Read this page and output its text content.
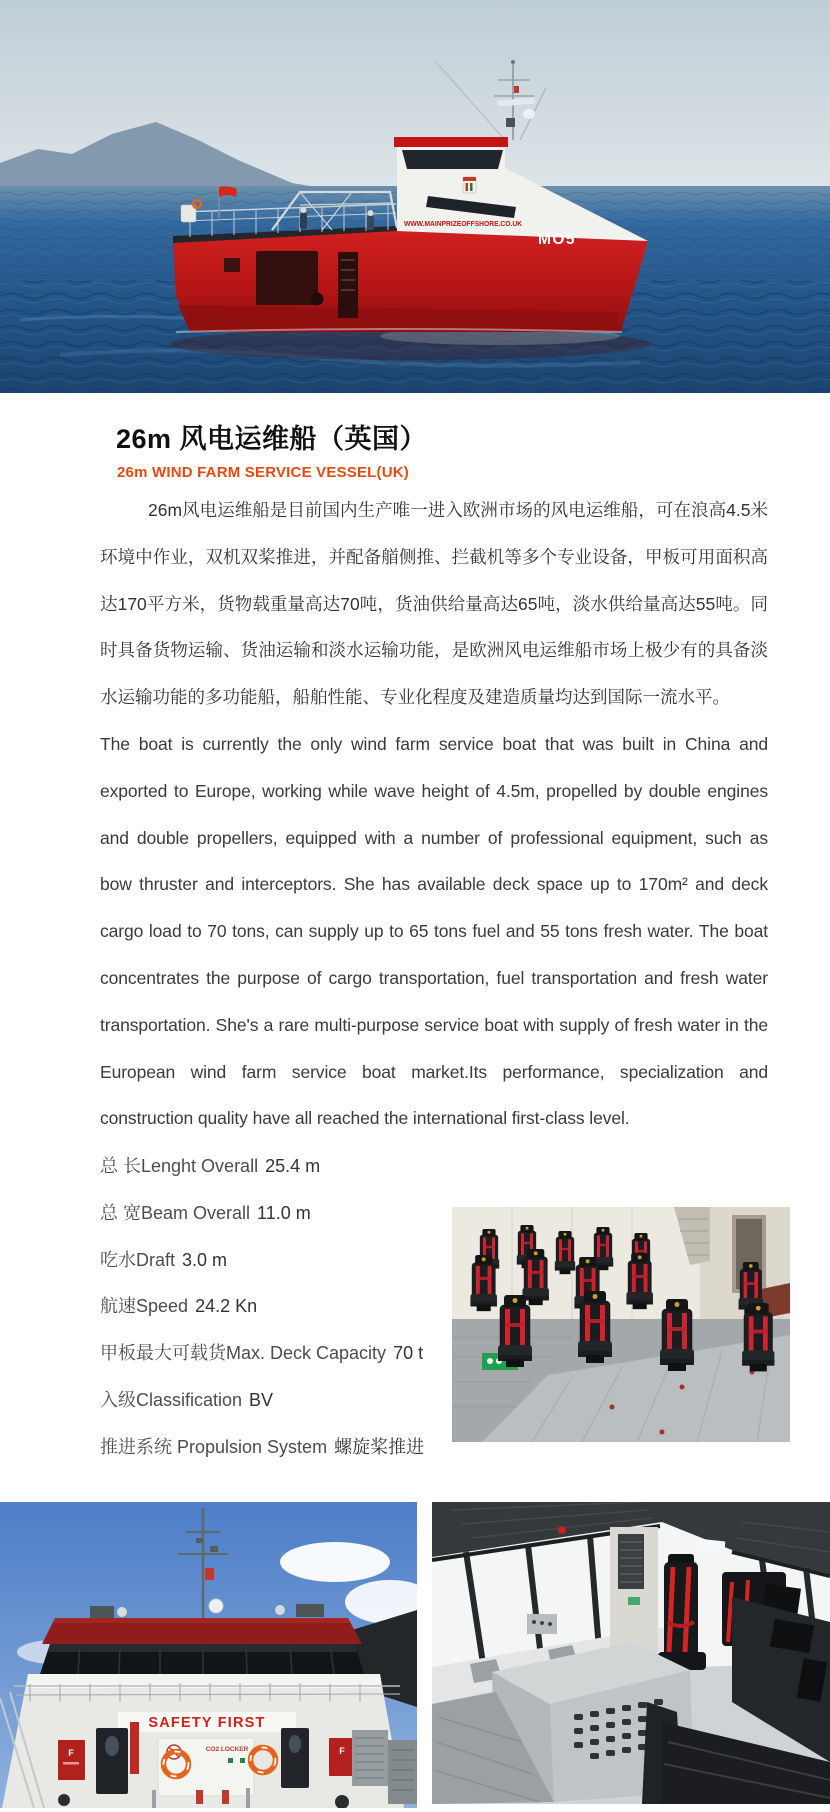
WWW.MAINPRIZEOFFSHORE.CO.UK
MO5
26m 风电运维船（英国）
26m WIND FARM SERVICE VESSEL(UK)

26m风电运维船是目前国内生产唯一进入欧洲市场的风电运维船，可在浪高4.5米环境中作业，双机双桨推进，并配备艏侧推、拦截机等多个专业设备，甲板可用面积高达170平方米，货物载重量高达70吨，货油供给量高达65吨，淡水供给量高达55吨。同时具备货物运输、货油运输和淡水运输功能，是欧洲风电运维船市场上极少有的具备淡水运输功能的多功能船，船舶性能、专业化程度及建造质量均达到国际一流水平。

The boat is currently the only wind farm service boat that was built in China and exported to Europe, working while wave height of 4.5m, propelled by double engines and double propellers, equipped with a number of professional equipment, such as bow thruster and interceptors. She has available deck space up to 170m² and deck cargo load to 70 tons, can supply up to 65 tons fuel and 55 tons fresh water. The boat concentrates the purpose of cargo transportation, fuel transportation and fresh water transportation. She's a rare multi-purpose service boat with supply of fresh water in the European wind farm service boat market.Its performance, specialization and construction quality have all reached the international first-class level.

总 长Lenght Overall 25.4 m
总 宽Beam Overall 11.0 m
吃水Draft 3.0 m
航速Speed 24.2 Kn
甲板最大可载货Max. Deck Capacity 70 t
入级Classification BV
推进系统 Propulsion System 螺旋桨推进
SAFETY FIRST
CO2 LOCKER
F	F
